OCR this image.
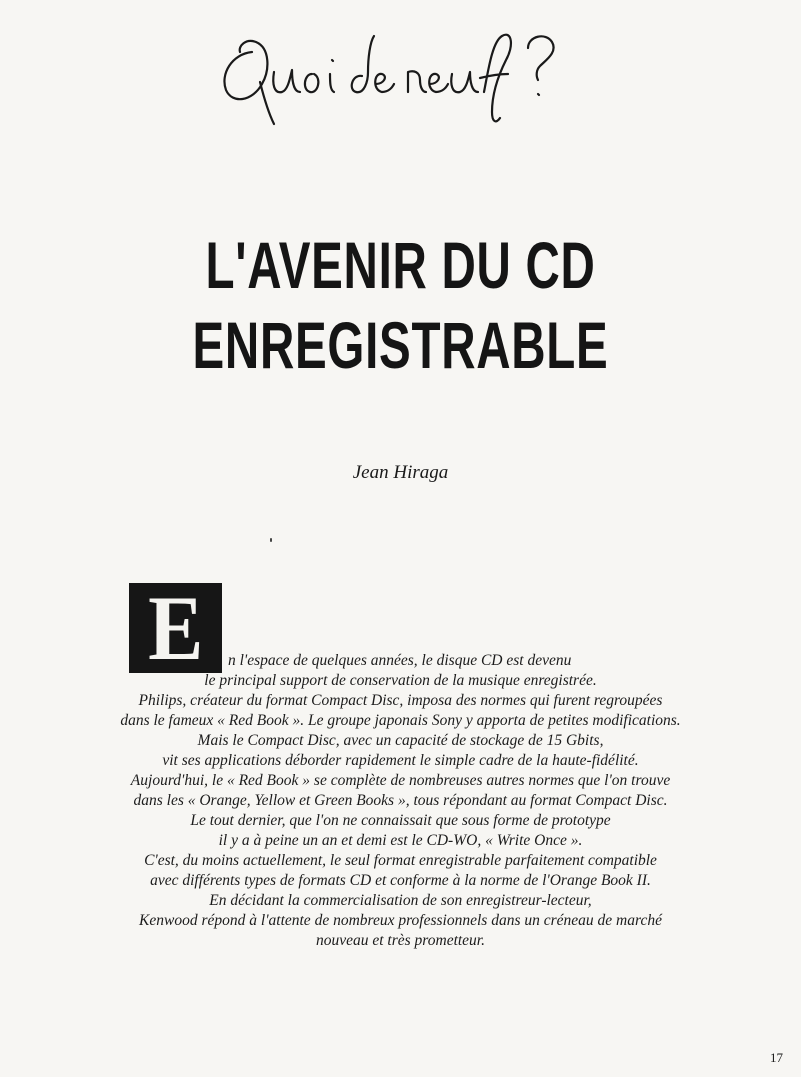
L'AVENIR DU CD
ENREGISTRABLE
Jean Hiraga
E	n l'espace de quelques années, le disque CD est devenu
le principal support de conservation de la musique enregistrée.
Philips, créateur du format Compact Disc, imposa des normes qui furent regroupées
dans le fameux « Red Book ». Le groupe japonais Sony y apporta de petites modifications.
Mais le Compact Disc, avec un capacité de stockage de 15 Gbits,
vit ses applications déborder rapidement le simple cadre de la haute-fidélité.
Aujourd'hui, le « Red Book » se complète de nombreuses autres normes que l'on trouve
dans les « Orange, Yellow et Green Books », tous répondant au format Compact Disc.
Le tout dernier, que l'on ne connaissait que sous forme de prototype
il y a à peine un an et demi est le CD-WO, « Write Once ».
C'est, du moins actuellement, le seul format enregistrable parfaitement compatible
avec différents types de formats CD et conforme à la norme de l'Orange Book II.
En décidant la commercialisation de son enregistreur-lecteur,
Kenwood répond à l'attente de nombreux professionnels dans un créneau de marché
nouveau et très prometteur.
17
